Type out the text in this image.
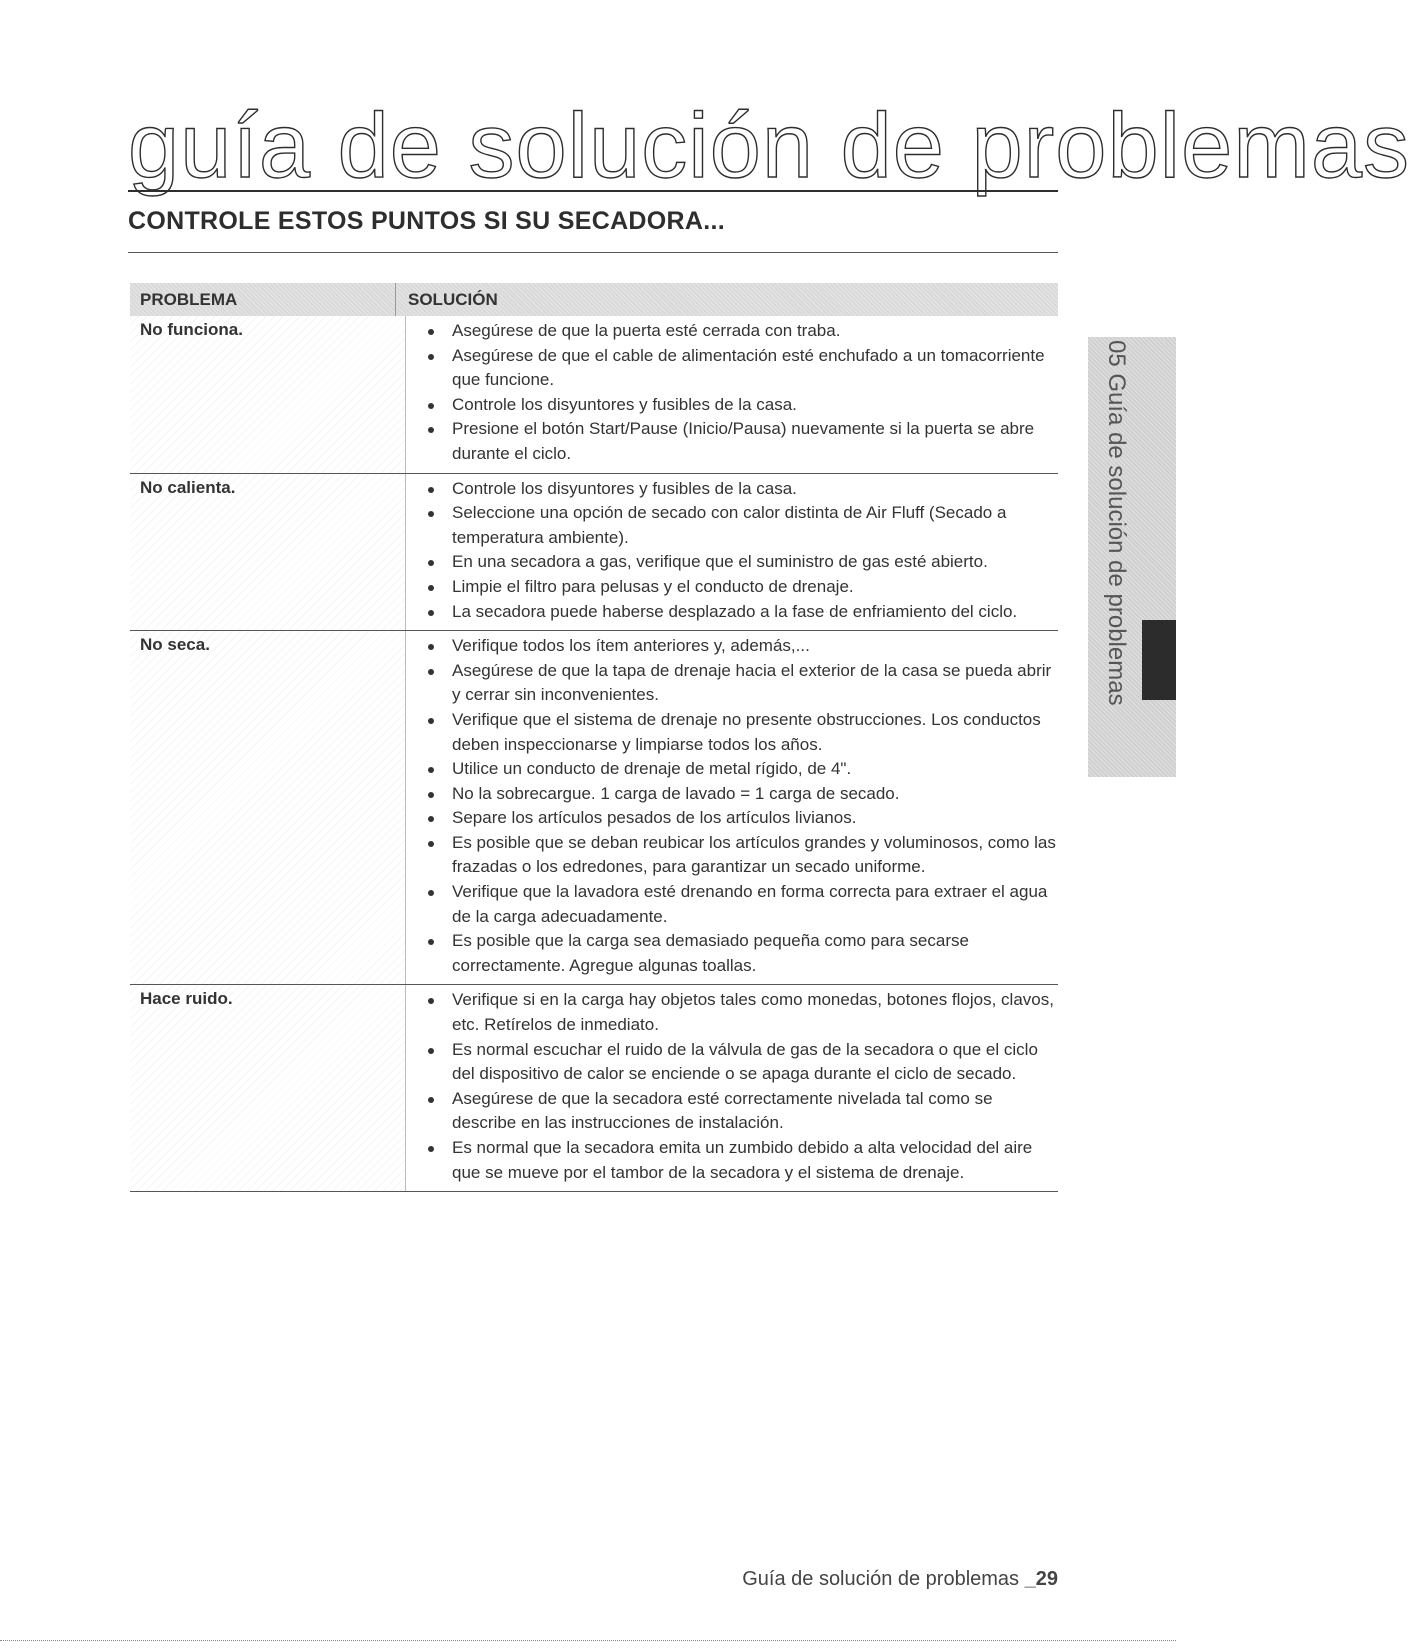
guía de solución de problemas
CONTROLE ESTOS PUNTOS SI SU SECADORA...
PROBLEMA	SOLUCIÓN
No funciona.	Asegúrese de que la puerta esté cerrada con traba.
Asegúrese de que el cable de alimentación esté enchufado a un tomacorriente que funcione.
Controle los disyuntores y fusibles de la casa.
Presione el botón Start/Pause (Inicio/Pausa) nuevamente si la puerta se abre durante el ciclo.
No calienta.	Controle los disyuntores y fusibles de la casa.
Seleccione una opción de secado con calor distinta de Air Fluff (Secado a temperatura ambiente).
En una secadora a gas, verifique que el suministro de gas esté abierto.
Limpie el filtro para pelusas y el conducto de drenaje.
La secadora puede haberse desplazado a la fase de enfriamiento del ciclo.
No seca.	Verifique todos los ítem anteriores y, además,...
Asegúrese de que la tapa de drenaje hacia el exterior de la casa se pueda abrir y cerrar sin inconvenientes.
Verifique que el sistema de drenaje no presente obstrucciones. Los conductos deben inspeccionarse y limpiarse todos los años.
Utilice un conducto de drenaje de metal rígido, de 4".
No la sobrecargue. 1 carga de lavado = 1 carga de secado.
Separe los artículos pesados de los artículos livianos.
Es posible que se deban reubicar los artículos grandes y voluminosos, como las frazadas o los edredones, para garantizar un secado uniforme.
Verifique que la lavadora esté drenando en forma correcta para extraer el agua de la carga adecuadamente.
Es posible que la carga sea demasiado pequeña como para secarse correctamente. Agregue algunas toallas.
Hace ruido.	Verifique si en la carga hay objetos tales como monedas, botones flojos, clavos, etc. Retírelos de inmediato.
Es normal escuchar el ruido de la válvula de gas de la secadora o que el ciclo del dispositivo de calor se enciende o se apaga durante el ciclo de secado.
Asegúrese de que la secadora esté correctamente nivelada tal como se describe en las instrucciones de instalación.
Es normal que la secadora emita un zumbido debido a alta velocidad del aire que se mueve por el tambor de la secadora y el sistema de drenaje.
05 Guía de solución de problemas
Guía de solución de problemas _29
